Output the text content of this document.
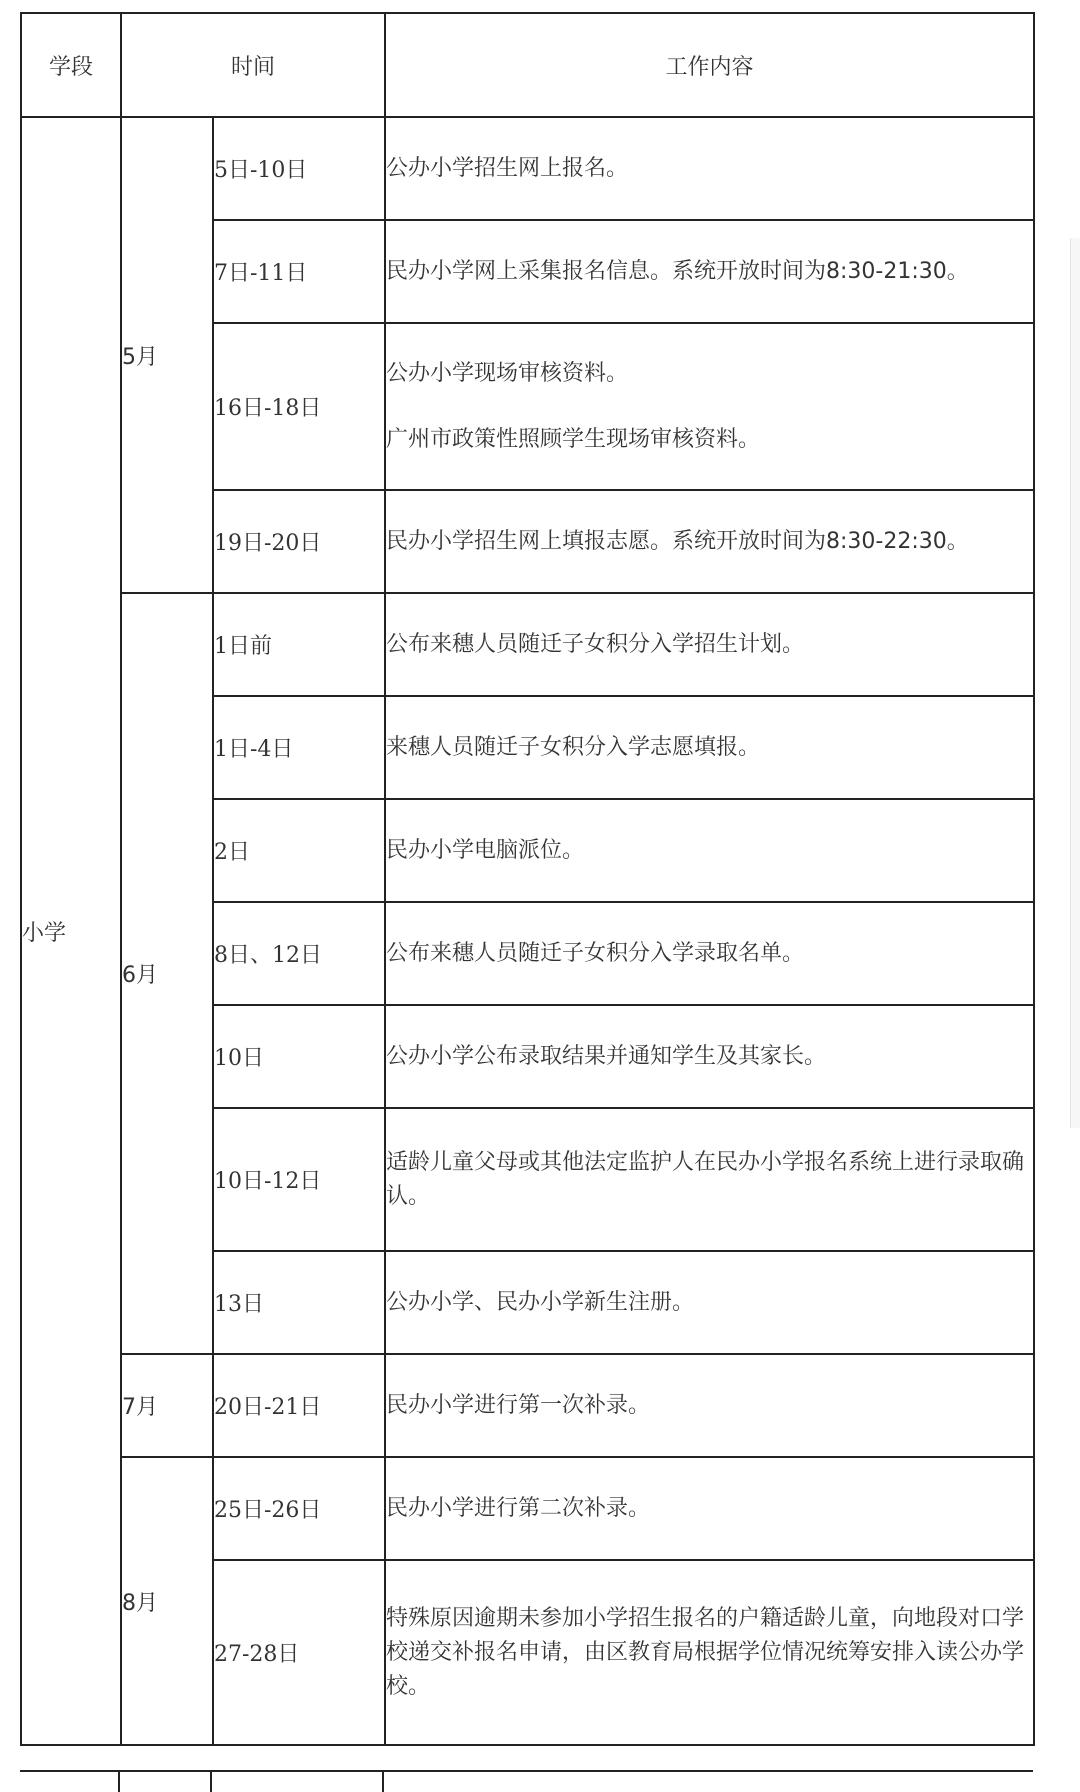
学段	时间		工作内容
小学	5月	5日-10日	公办小学招生网上报名。

		7日-11日	民办小学网上采集报名信息。系统开放时间为8:30-21:30。

		16日-18日	公办小学现场审核资料。

广州市政策性照顾学生现场审核资料。

		19日-20日	民办小学招生网上填报志愿。系统开放时间为8:30-22:30。

	6月	1日前	公布来穗人员随迁子女积分入学招生计划。

		1日-4日	来穗人员随迁子女积分入学志愿填报。

		2日	民办小学电脑派位。

		8日、12日	公布来穗人员随迁子女积分入学录取名单。

		10日	公办小学公布录取结果并通知学生及其家长。

		10日-12日	适龄儿童父母或其他法定监护人在民办小学报名系统上进行录取确认。

		13日	公办小学、民办小学新生注册。

	7月	20日-21日	民办小学进行第一次补录。

	8月	25日-26日	民办小学进行第二次补录。

		27-28日	特殊原因逾期未参加小学招生报名的户籍适龄儿童，向地段对口学校递交补报名申请，由区教育局根据学位情况统筹安排入读公办学校。
